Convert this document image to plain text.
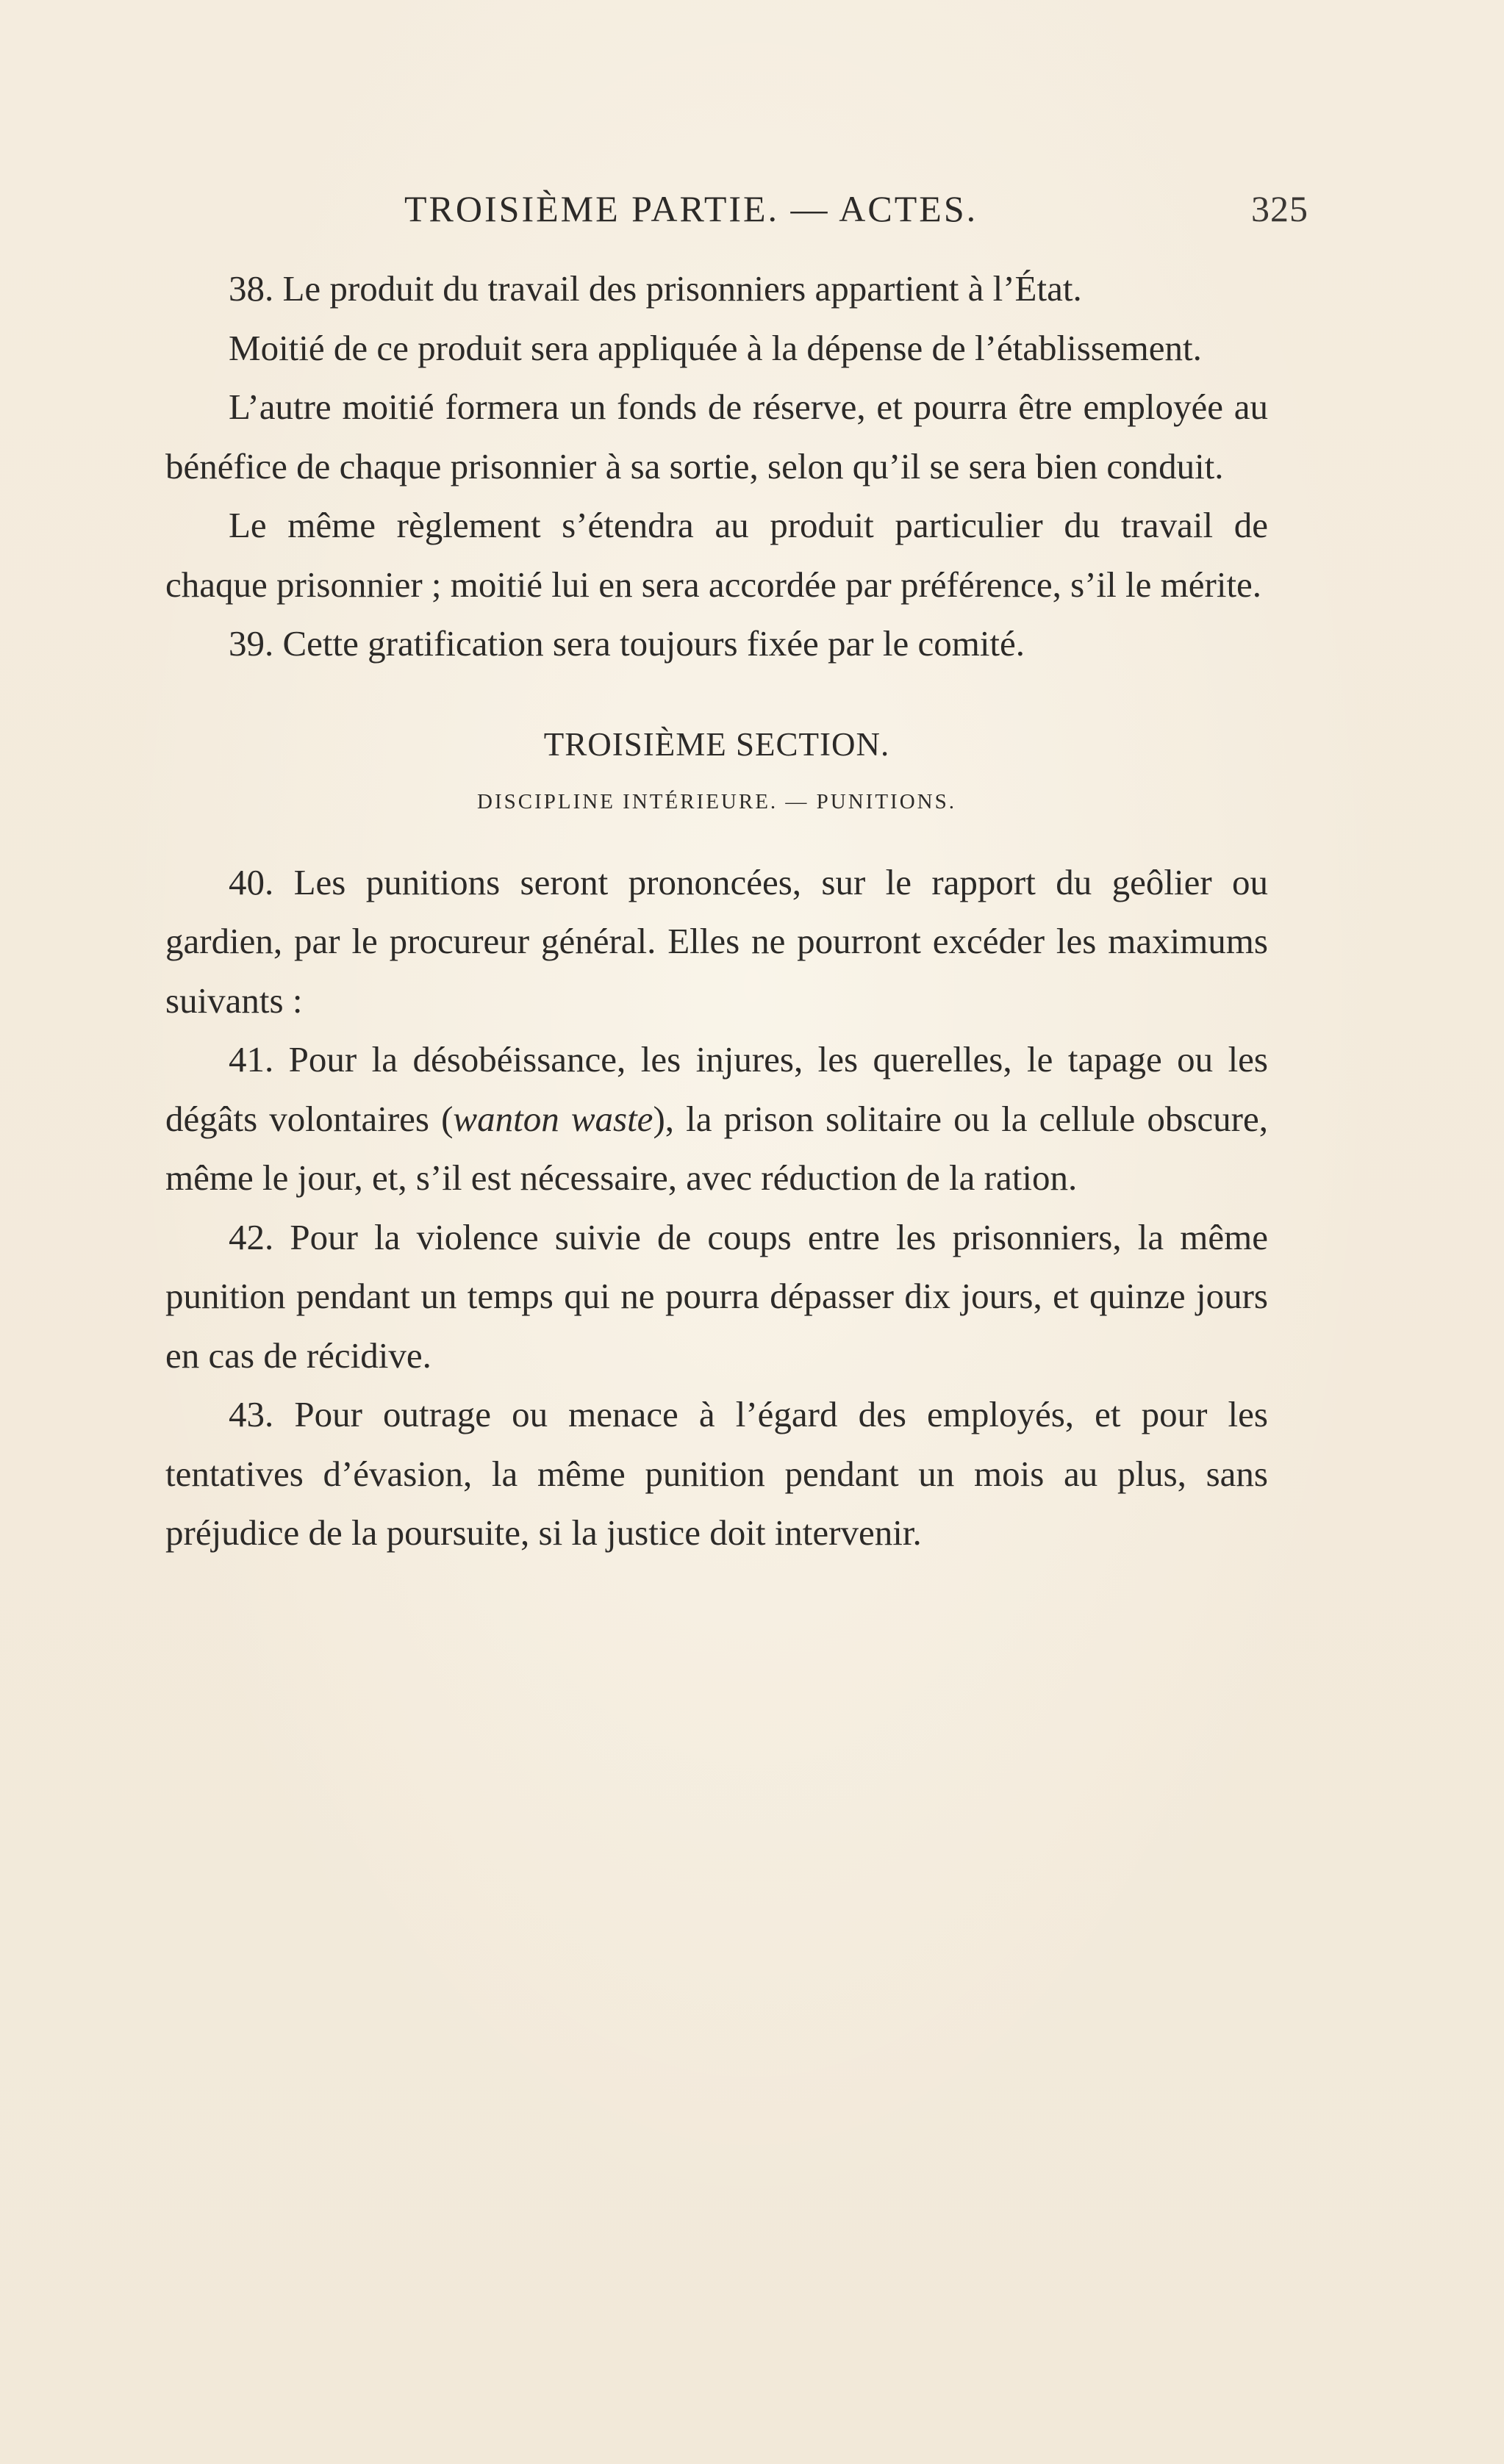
TROISIÈME PARTIE. — ACTES.	325

38. Le produit du travail des prisonniers appartient à l’État.

Moitié de ce produit sera appliquée à la dépense de l’établissement.

L’autre moitié formera un fonds de réserve, et pourra être employée au bénéfice de chaque prisonnier à sa sortie, selon qu’il se sera bien conduit.

Le même règlement s’étendra au produit particulier du travail de chaque prisonnier ; moitié lui en sera accordée par préférence, s’il le mérite.

39. Cette gratification sera toujours fixée par le comité.

TROISIÈME SECTION.

DISCIPLINE INTÉRIEURE. — PUNITIONS.

40. Les punitions seront prononcées, sur le rapport du geôlier ou gardien, par le procureur général. Elles ne pourront excéder les maximums suivants :

41. Pour la désobéissance, les injures, les querelles, le tapage ou les dégâts volontaires (wanton waste), la prison solitaire ou la cellule obscure, même le jour, et, s’il est nécessaire, avec réduction de la ration.

42. Pour la violence suivie de coups entre les prisonniers, la même punition pendant un temps qui ne pourra dépasser dix jours, et quinze jours en cas de récidive.

43. Pour outrage ou menace à l’égard des employés, et pour les tentatives d’évasion, la même punition pendant un mois au plus, sans préjudice de la poursuite, si la justice doit intervenir.
